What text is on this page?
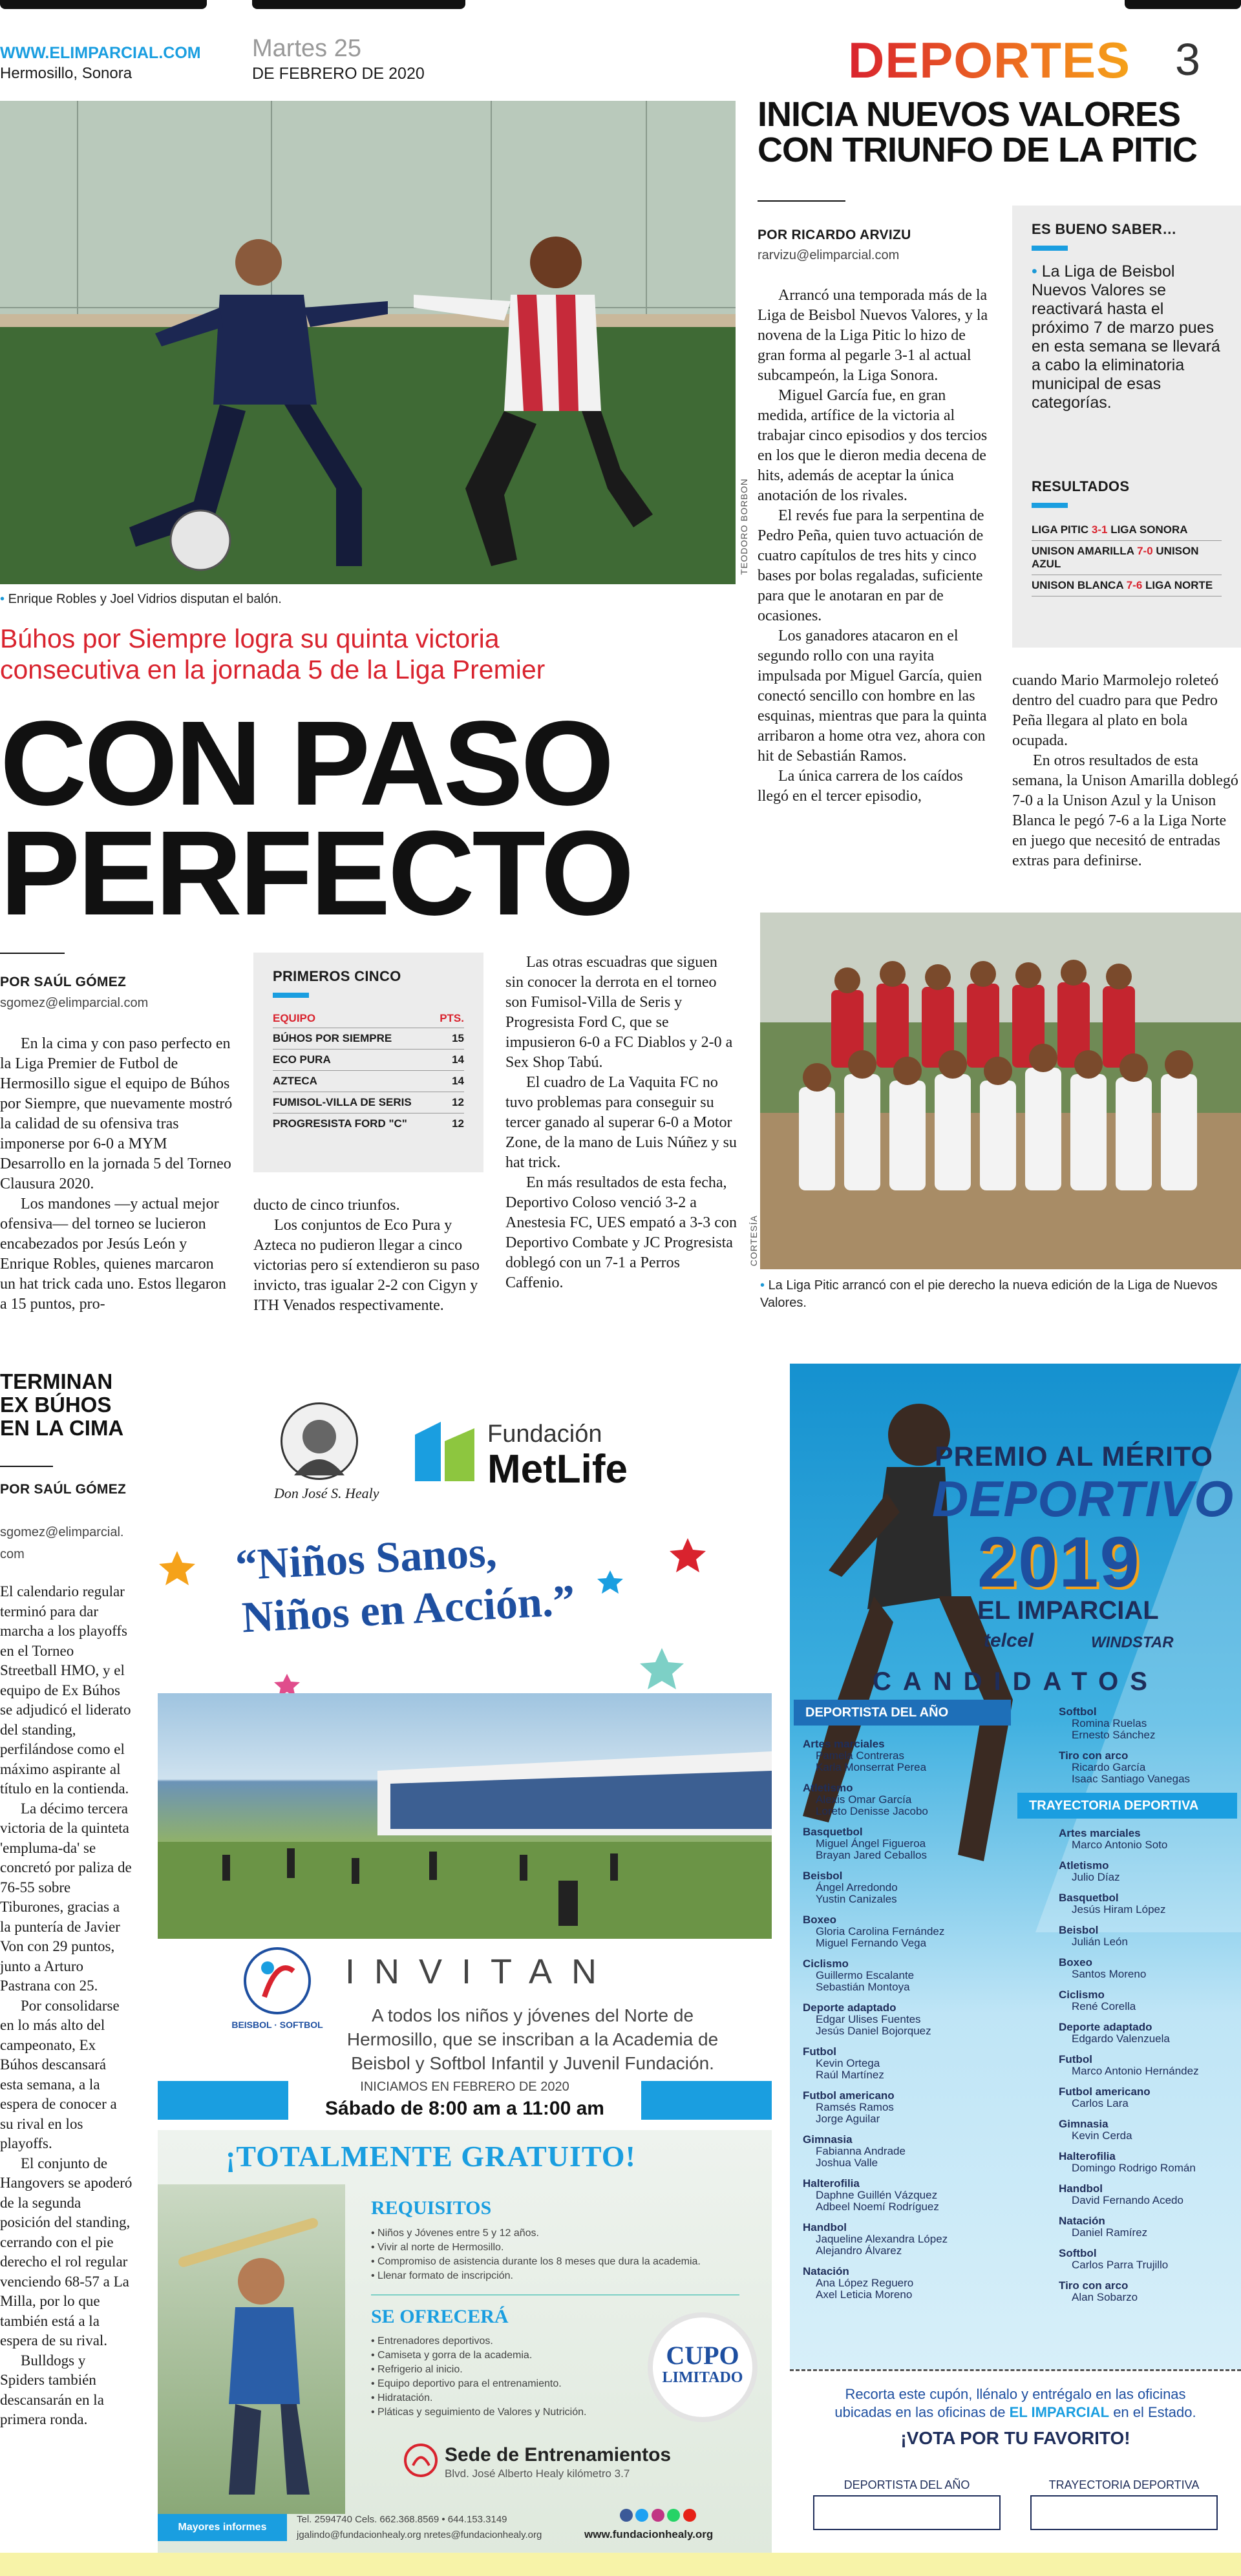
WWW.ELIMPARCIAL.COM
Hermosillo, Sonora
Martes 25
DE FEBRERO DE 2020	DEPORTES 3
TEODORO BORBON
• Enrique Robles y Joel Vidrios disputan el balón.
Búhos por Siempre logra su quinta victoria consecutiva en la jornada 5 de la Liga Premier
CON PASO
PERFECTO
POR SAÚL GÓMEZ
sgomez@elimparcial.com

En la cima y con paso perfecto en la Liga Premier de Futbol de Hermosillo sigue el equipo de Búhos por Siempre, que nuevamente mostró la calidad de su ofensiva tras imponerse por 6-0 a MYM Desarrollo en la jornada 5 del Torneo Clausura 2020.

Los mandones —y actual mejor ofensiva— del torneo se lucieron encabezados por Jesús León y Enrique Robles, quienes marcaron un hat trick cada uno. Estos llegaron a 15 puntos, pro-

PRIMEROS CINCO
EQUIPO	PTS.
BÚHOS POR SIEMPRE	15
ECO PURA	14
AZTECA	14
FUMISOL-VILLA DE SERIS	12
PROGRESISTA FORD "C"	12
ducto de cinco triunfos.

Los conjuntos de Eco Pura y Azteca no pudieron llegar a cinco victorias pero sí extendieron su paso invicto, tras igualar 2-2 con Cigyn y ITH Venados respectivamente.

Las otras escuadras que siguen sin conocer la derrota en el torneo son Fumisol-Villa de Seris y Progresista Ford C, que se impusieron 6-0 a FC Diablos y 2-0 a Sex Shop Tabú.

El cuadro de La Vaquita FC no tuvo problemas para conseguir su tercer ganado al superar 6-0 a Motor Zone, de la mano de Luis Núñez y su hat trick.

En más resultados de esta fecha, Deportivo Coloso venció 3-2 a Anestesia FC, UES empató a 3-3 con Deportivo Combate y JC Progresista doblegó con un 7-1 a Perros Caffenio.

INICIA NUEVOS VALORES CON TRIUNFO DE LA PITIC
POR RICARDO ARVIZU
rarvizu@elimparcial.com

Arrancó una temporada más de la Liga de Beisbol Nuevos Valores, y la novena de la Liga Pitic lo hizo de gran forma al pegarle 3-1 al actual subcampeón, la Liga Sonora.

Miguel García fue, en gran medida, artífice de la victoria al trabajar cinco episodios y dos tercios en los que le dieron media decena de hits, además de aceptar la única anotación de los rivales.

El revés fue para la serpentina de Pedro Peña, quien tuvo actuación de cuatro capítulos de tres hits y cinco bases por bolas regaladas, suficiente para que le anotaran en par de ocasiones.

Los ganadores atacaron en el segundo rollo con una rayita impulsada por Miguel García, quien conectó sencillo con hombre en las esquinas, mientras que para la quinta arribaron a home otra vez, ahora con hit de Sebastián Ramos.

La única carrera de los caídos llegó en el tercer episodio,

ES BUENO SABER…
• La Liga de Beisbol Nuevos Valores se reactivará hasta el próximo 7 de marzo pues en esta semana se llevará a cabo la eliminatoria municipal de esas categorías.
RESULTADOS
LIGA PITIC 3-1 LIGA SONORA
UNISON AMARILLA 7-0 UNISON AZUL
UNISON BLANCA 7-6 LIGA NORTE
cuando Mario Marmolejo roleteó dentro del cuadro para que Pedro Peña llegara al plato en bola ocupada.

En otros resultados de esta semana, la Unison Amarilla doblegó 7-0 a la Unison Azul y la Unison Blanca le pegó 7-6 a la Liga Norte en juego que necesitó de entradas extras para definirse.

CORTESÍA
• La Liga Pitic arrancó con el pie derecho la nueva edición de la Liga de Nuevos Valores.
TERMINAN EX BÚHOS EN LA CIMA
POR SAÚL GÓMEZ
sgomez@elimparcial.com

El calendario regular terminó para dar marcha a los playoffs en el Torneo Streetball HMO, y el equipo de Ex Búhos se adjudicó el liderato del standing, perfilándose como el máximo aspirante al título en la contienda.

La décimo tercera victoria de la quinteta 'empluma-da' se concretó por paliza de 76-55 sobre Tiburones, gracias a la puntería de Javier Von con 29 puntos, junto a Arturo Pastrana con 25.

Por consolidarse en lo más alto del campeonato, Ex Búhos descansará esta semana, a la espera de conocer a su rival en los playoffs.

El conjunto de Hangovers se apoderó de la segunda posición del standing, cerrando con el pie derecho el rol regular venciendo 68-57 a La Milla, por lo que también está a la espera de su rival.

Bulldogs y Spiders también descansarán en la primera ronda.

Don José S. Healy
Fundación
MetLife
“Niños Sanos,
Niños en Acción.”
BEISBOL · SOFTBOL
INVITAN
A todos los niños y jóvenes del Norte de Hermosillo, que se inscriban a la Academia de Beisbol y Softbol Infantil y Juvenil Fundación.
INICIAMOS EN FEBRERO DE 2020
Sábado de 8:00 am a 11:00 am
¡TOTALMENTE GRATUITO!
REQUISITOS
• Niños y Jóvenes entre 5 y 12 años.
• Vivir al norte de Hermosillo.
• Compromiso de asistencia durante los 8 meses que dura la academia.
• Llenar formato de inscripción.
SE OFRECERÁ
• Entrenadores deportivos.
• Camiseta y gorra de la academia.
• Refrigerio al inicio.
• Equipo deportivo para el entrenamiento.
• Hidratación.
• Pláticas y seguimiento de Valores y Nutrición.
CUPO
LIMITADO
Sede de Entrenamientos
Blvd. José Alberto Healy kilómetro 3.7
Mayores informes
Tel. 2594740 Cels. 662.368.8569 • 644.153.3149
jgalindo@fundacionhealy.org nretes@fundacionhealy.org
	www.fundacionhealy.org
PREMIO AL MÉRITO
DEPORTIVO
2019
EL IMPARCIAL
telcel	WINDSTAR
CANDIDATOS
DEPORTISTA DEL AÑO
Artes marciales
Pamela Contreras
Karla Monserrat Perea
Atletismo
Alexis Omar García
Loreto Denisse Jacobo
Basquetbol
Miguel Ángel Figueroa
Brayan Jared Ceballos
Beisbol
Ángel Arredondo
Yustin Canizales
Boxeo
Gloria Carolina Fernández
Miguel Fernando Vega
Ciclismo
Guillermo Escalante
Sebastián Montoya
Deporte adaptado
Edgar Ulises Fuentes
Jesús Daniel Bojorquez
Futbol
Kevin Ortega
Raúl Martínez
Futbol americano
Ramsés Ramos
Jorge Aguilar
Gimnasia
Fabianna Andrade
Joshua Valle
Halterofilia
Daphne Guillén Vázquez
Adbeel Noemí Rodríguez
Handbol
Jaqueline Alexandra López
Alejandro Álvarez
Natación
Ana López Reguero
Axel Leticia Moreno
Softbol
Romina Ruelas
Ernesto Sánchez
Tiro con arco
Ricardo García
Isaac Santiago Vanegas
TRAYECTORIA DEPORTIVA
Artes marciales
Marco Antonio Soto
Atletismo
Julio Díaz
Basquetbol
Jesús Hiram López
Beisbol
Julián León
Boxeo
Santos Moreno
Ciclismo
René Corella
Deporte adaptado
Edgardo Valenzuela
Futbol
Marco Antonio Hernández
Futbol americano
Carlos Lara
Gimnasia
Kevin Cerda
Halterofilia
Domingo Rodrigo Román
Handbol
David Fernando Acedo
Natación
Daniel Ramírez
Softbol
Carlos Parra Trujillo
Tiro con arco
Alan Sobarzo
Recorta este cupón, llénalo y entrégalo en las oficinas ubicadas en las oficinas de EL IMPARCIAL en el Estado.
¡VOTA POR TU FAVORITO!
DEPORTISTA DEL AÑO	TRAYECTORIA DEPORTIVA
